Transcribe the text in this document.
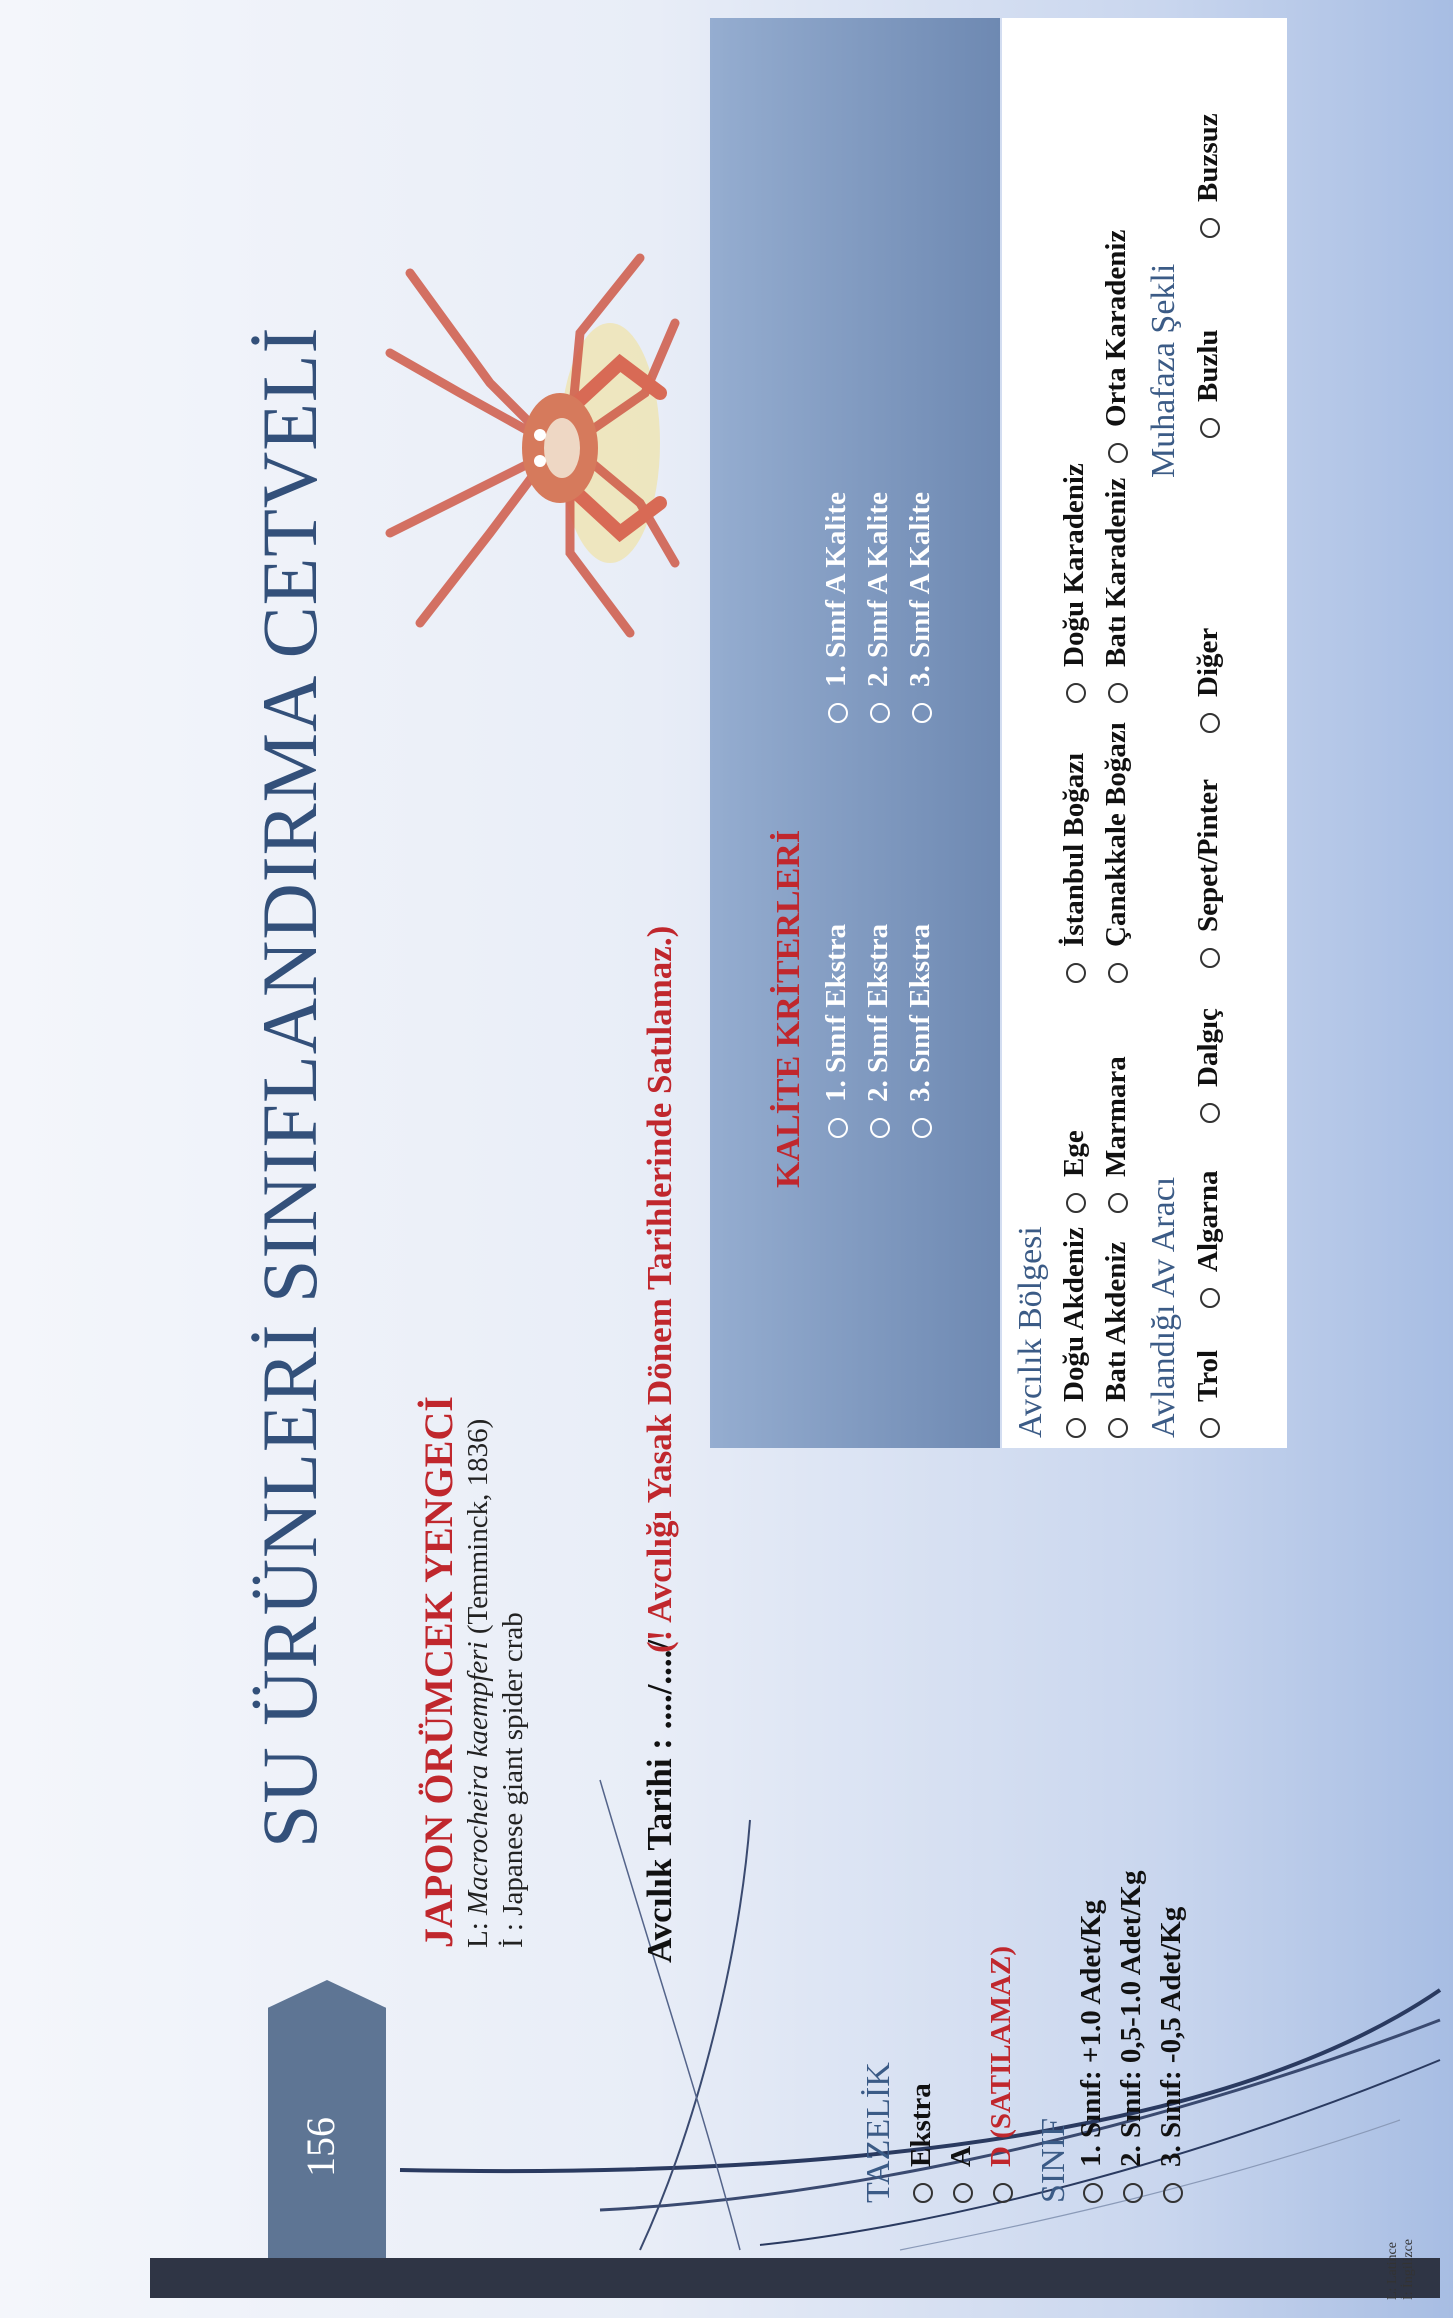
156
SU ÜRÜNLERİ SINIFLANDIRMA CETVELİ JAPON ÖRÜMCEK YENGECİ L: Macrocheira kaempferi (Temminck, 1836)
İ : Japanese giant spider crab	Avcılık Tarihi : ..../..../
(! Avcılığı Yasak Dönem Tarihlerinde Satılamaz.)
TAZELİK Ekstra A D (SATILAMAZ) SINIF 1. Sınıf: +1.0 Adet/Kg 2. Sınıf: 0,5-1.0 Adet/Kg 3. Sınıf: -0,5 Adet/Kg
KALİTE KRİTERLERİ 1. Sınıf Ekstra 2. Sınıf Ekstra 3. Sınıf Ekstra
1. Sınıf A Kalite 2. Sınıf A Kalite 3. Sınıf A Kalite
Avcılık Bölgesi Doğu Akdeniz
Ege
İstanbul Boğazı
Doğu Karadeniz
Batı Akdeniz
Marmara
Çanakkale Boğazı
Batı Karadeniz
Orta Karadeniz
Avlandığı Av Aracı
Muhafaza Şekli
Trol
Algarna
Dalgıç
Sepet/Pinter
Diğer
Buzlu
Buzsuz
L: Latince İ: İngilizce
